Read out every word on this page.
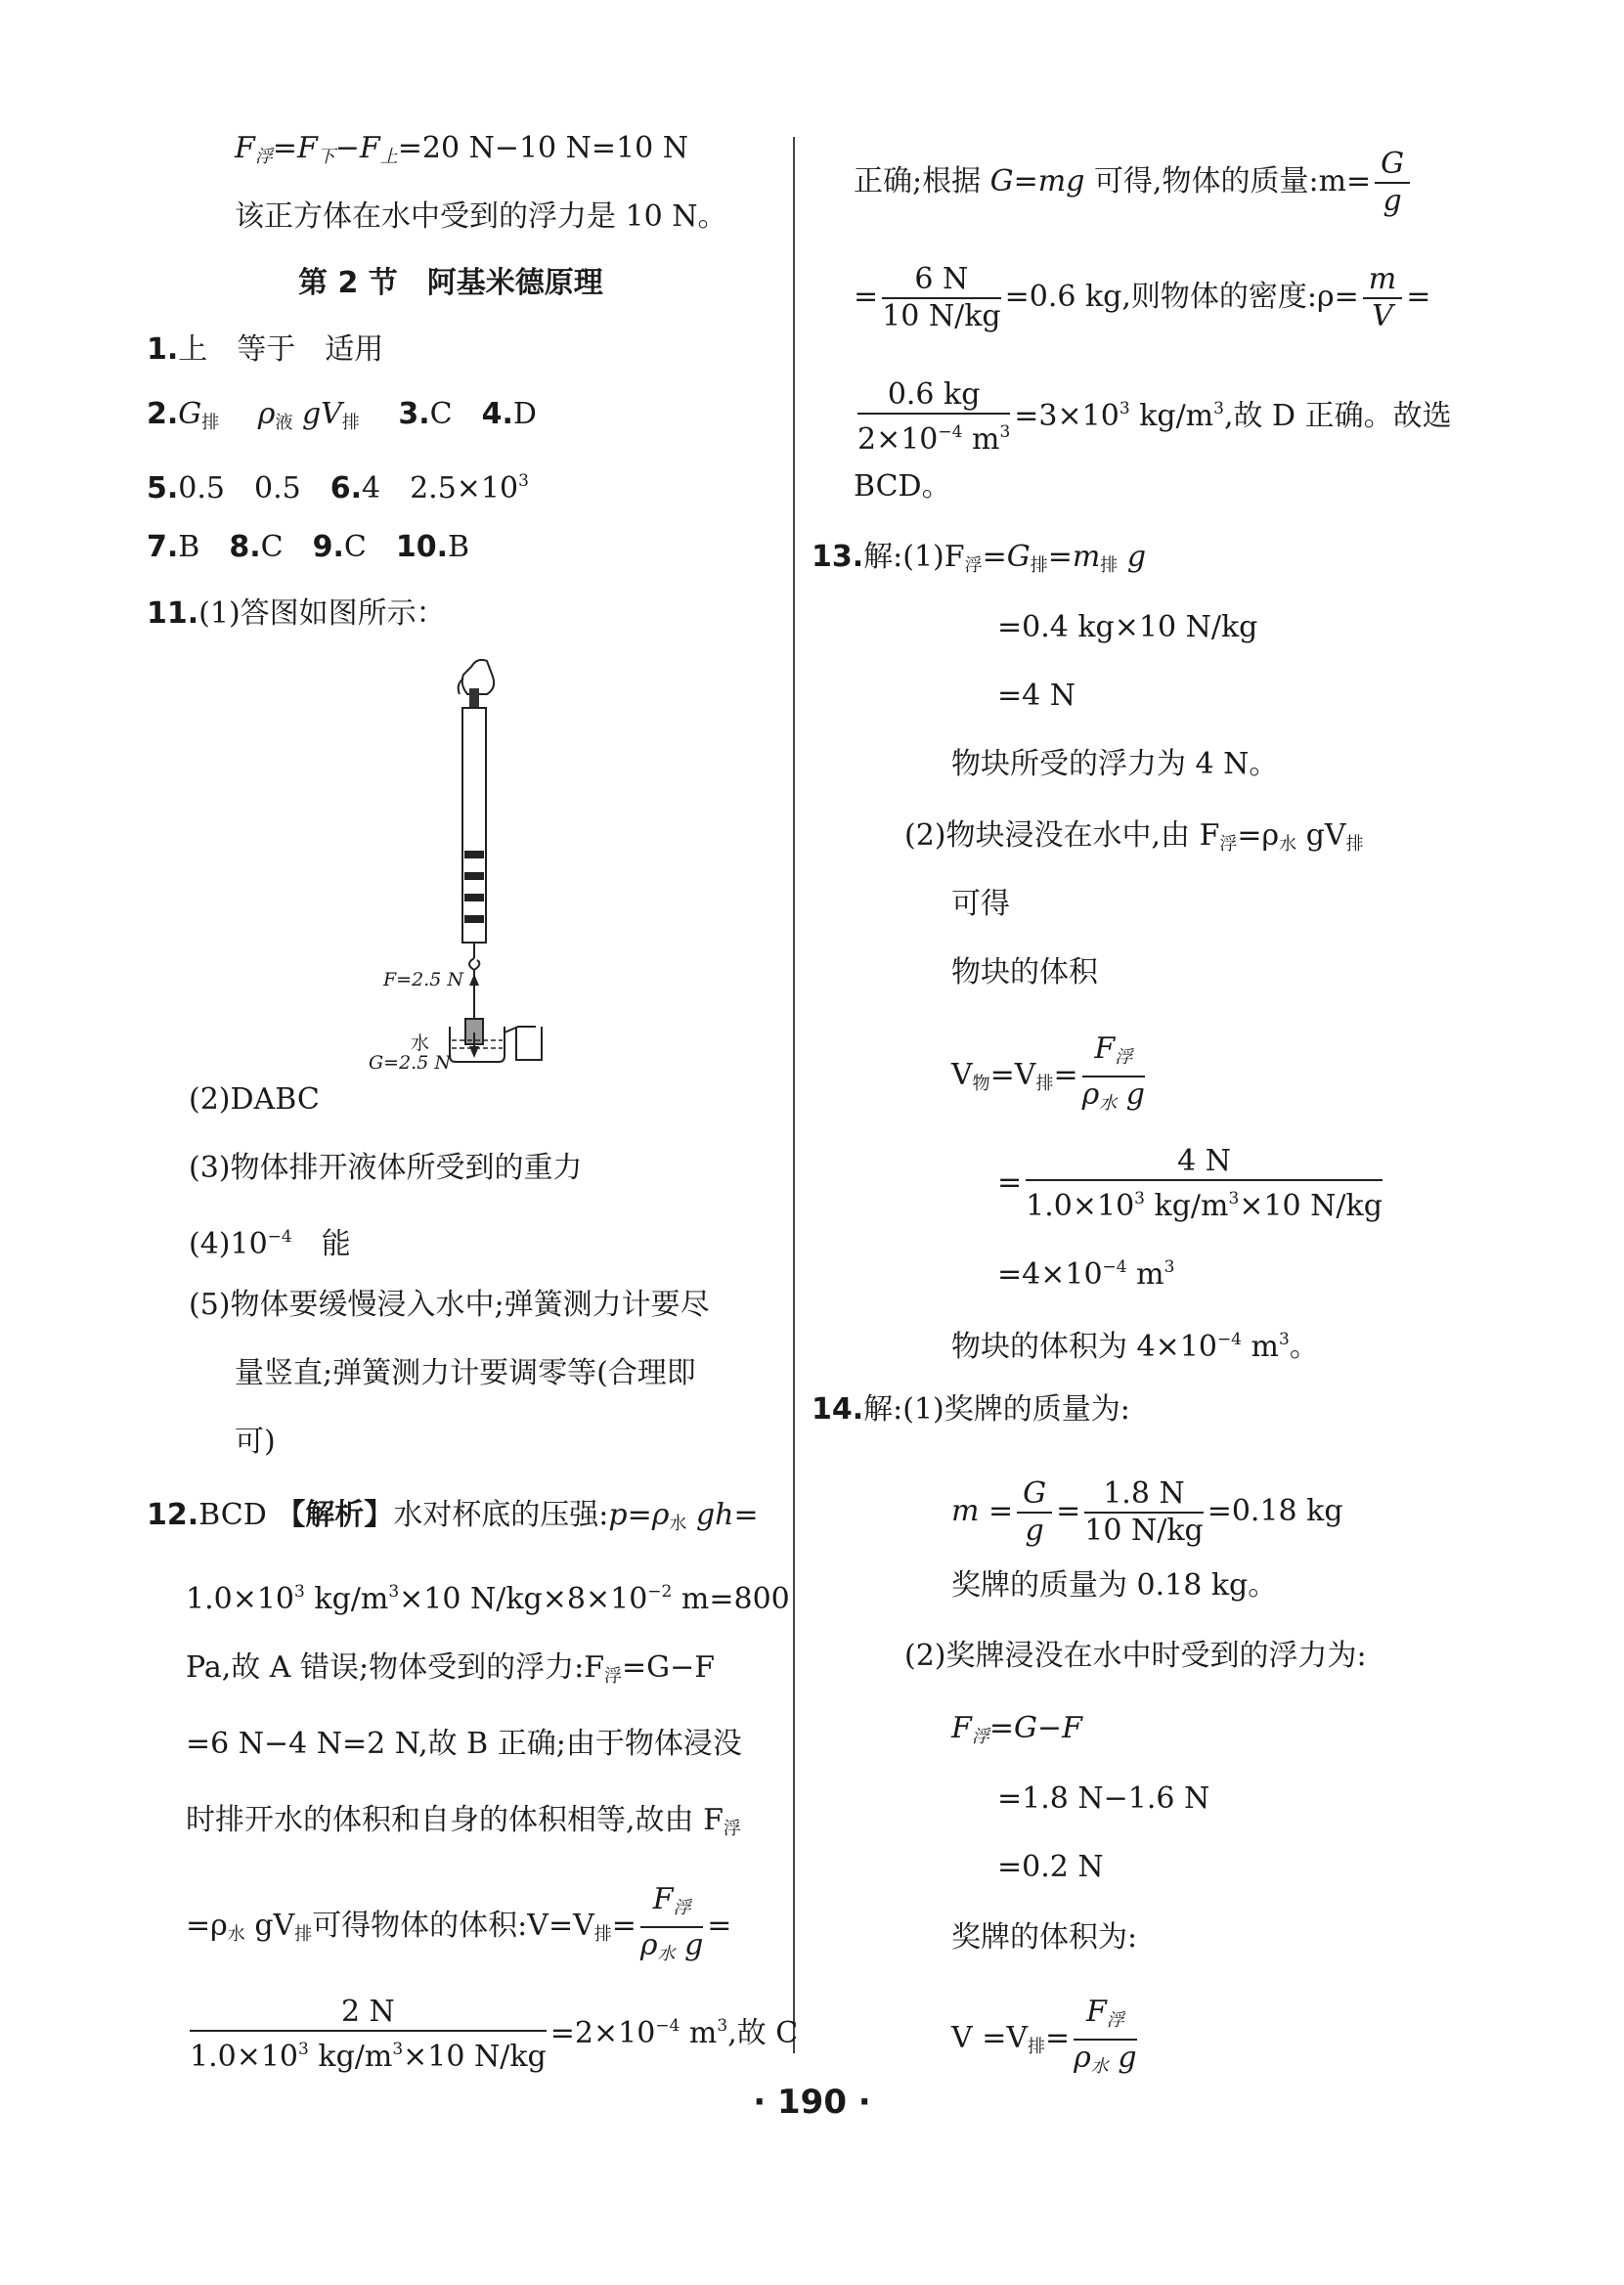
$F_浮=F_下-F_上=20$ N−10 N=10 N
该正方体在水中受到的浮力是 10 N。
第 2 节　阿基米德原理
1.上　等于　适用
$2.G_排$　 $\rho_液$ $gV_排$　 3.C　 4.D
5.0.5　0.5　 6.4　$2.5\times 10^3$
7.B　 8.C　 9.C　 10.B
11.(1)答图如图所示：
F=2.5 N
水
G=2.5 N
(2)DABC
(3)物体排开液体所受到的重力
$(4)10^{-4}$　能
(5)物体要缓慢浸入水中;弹簧测力计要尽
量竖直;弹簧测力计要调零等(合理即
可)
12.BCD 【解析】水对杯底的压强$:p=\rho_水$ gh=
$1.0\times 10^3$ $kg/m^3\times 10$ $N/kg\times 8\times 10^{-2}$ m=800
Pa,故 A 错误;物体受到的浮力$:F_浮=G-F$
=6 N−4 N=2 N,故 B 正确;由于物体浸没
时排开水的体积和自身的体积相等,故由 $F_浮$
$=\rho_水$ $gV_排$可得物体的体积$:V=V_排=$
$F_浮$
$\rho_水$ g
=
$\frac{2 N}{1.0\times 10^3 kg/m^3\times 10 N/kg} =2\times 10^{-4}$ $m^3$,故 C
正确;根据 G=mg 可得,物体的质量:m= $\frac{G}{g}$
= $\frac{6 N}{10 N/kg} =0.6$ kg,则物体的密度:ρ= $\frac{m}{V}$ =
$\frac{0.6 kg}{2\times 10^{-4} m^3} =3\times 10^3$ $kg/m^3$,故 D 正确。故选
BCD。
13.解$:(1)F_浮=G_排=m_排$ g
=0.4 kg×10 N/kg
=4 N
物块所受的浮力为 4 N。
(2)物块浸没在水中,由 $F_浮=\rho_水$ $gV_排$
可得
物块的体积
$V_物=V_排=$
$F_浮$
$\rho_水$ g
= $\frac{4 N}{1.0\times 10^3 kg/m^3\times 10 N/kg}$
$=4\times 10^{-4}$ $m^3$
物块的体积为 $4\times 10^{-4}$ $m^3$。
14.解:(1)奖牌的质量为:
$m = \frac{G}{g} = \frac{1.8 N}{10 N/kg} =0.18$ kg
奖牌的质量为 0.18 kg。
(2)奖牌浸没在水中时受到的浮力为:
$F_浮=G-F$
=1.8 N−1.6 N
=0.2 N
奖牌的体积为:
$V =V_排=$
$F_浮$
$\rho_水$ g
· 190 ·
